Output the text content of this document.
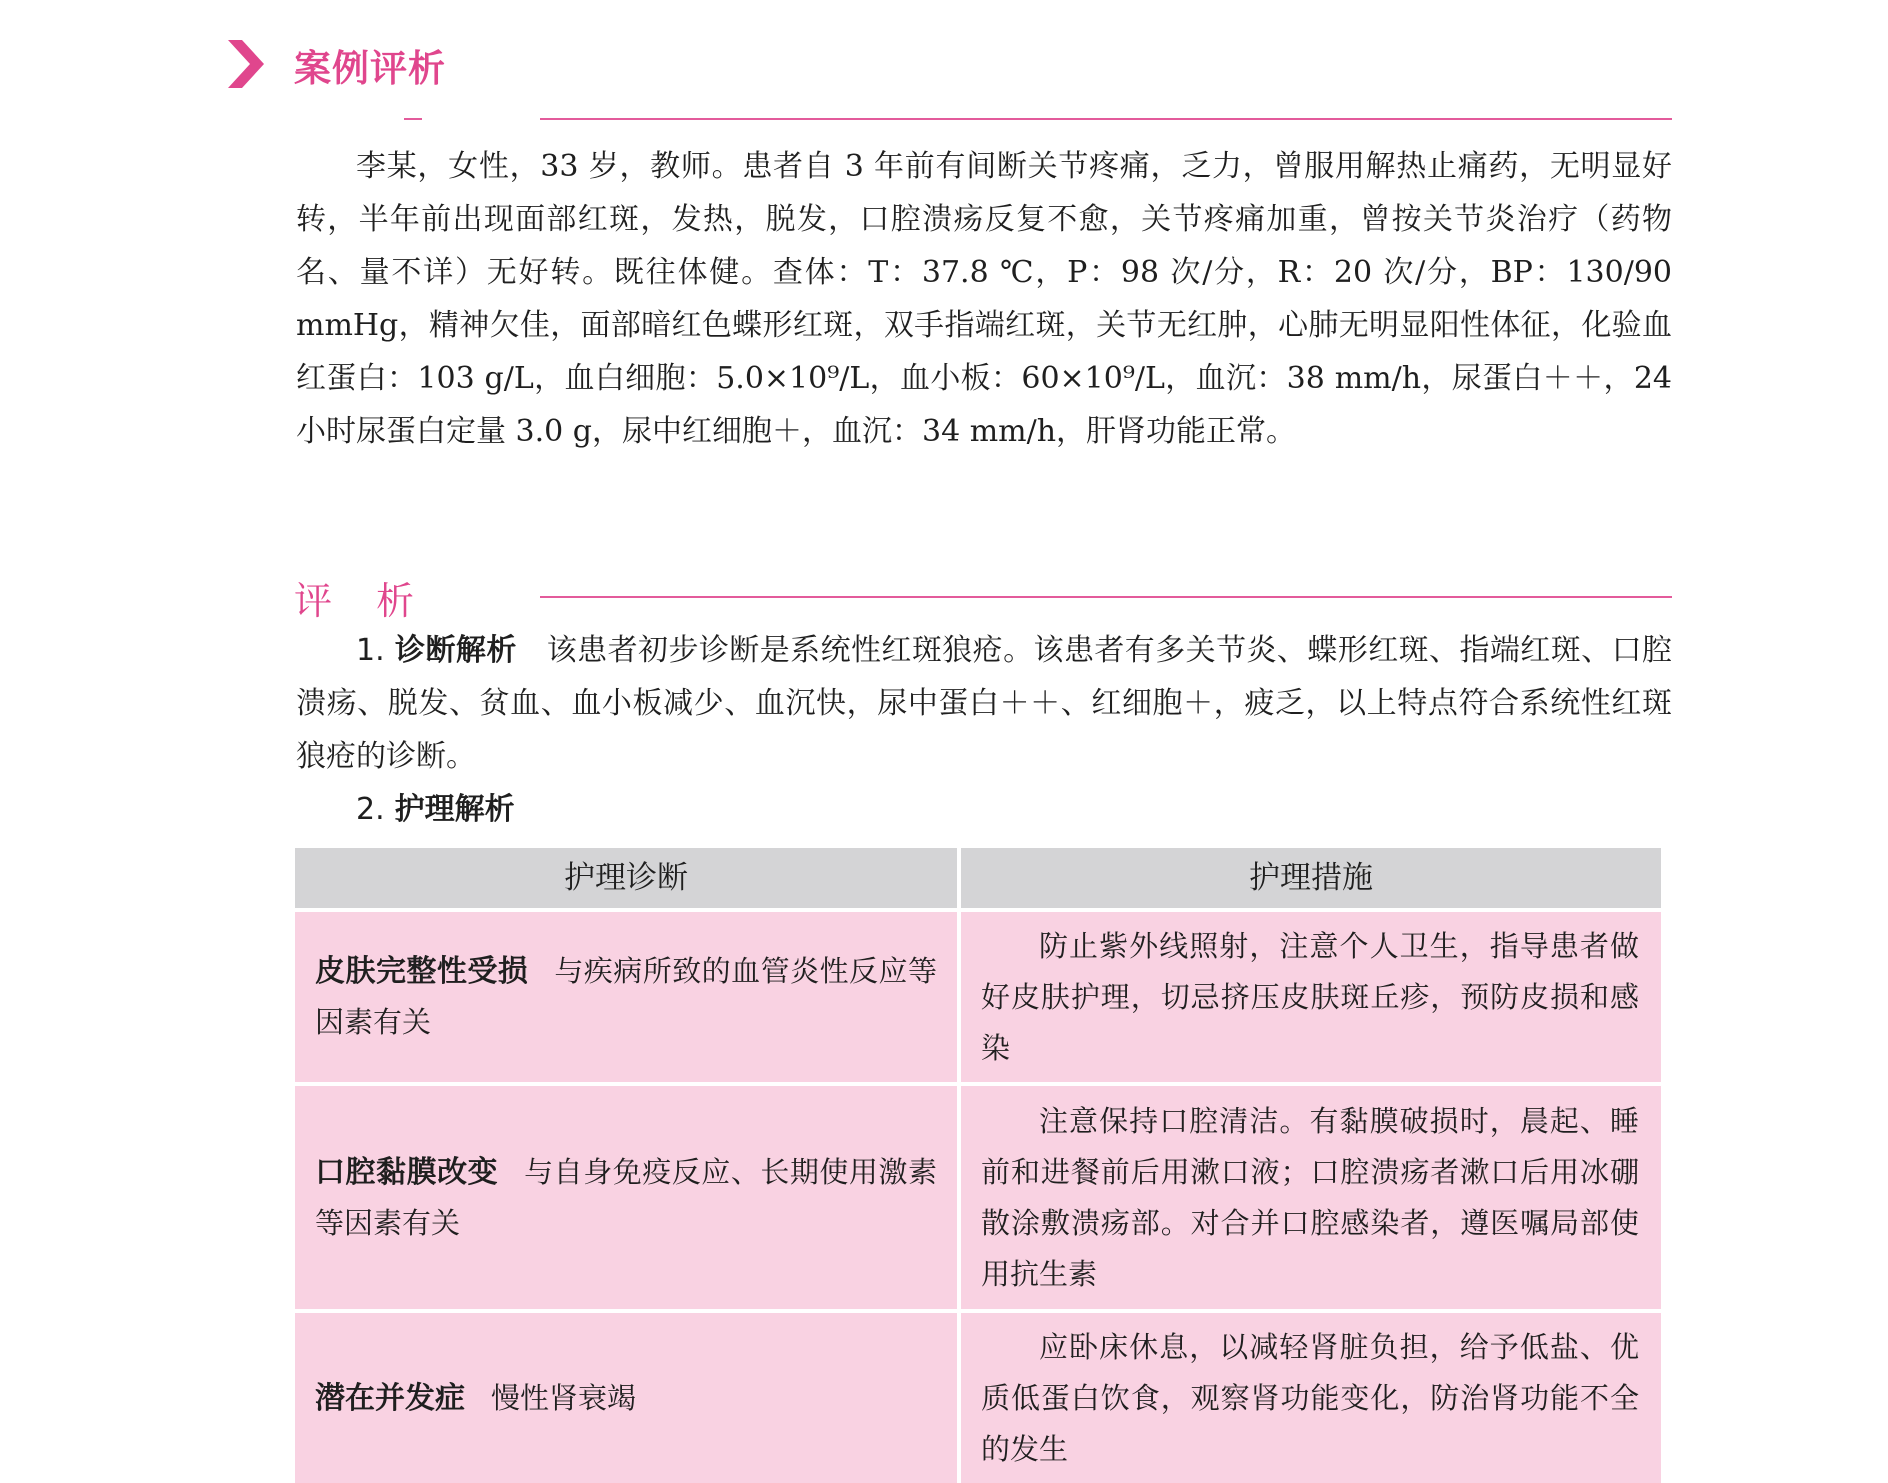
案例评析

李某，女性，33 岁，教师。患者自 3 年前有间断关节疼痛，乏力，曾服用解热止痛药，无明显好转，半年前出现面部红斑，发热，脱发，口腔溃疡反复不愈，关节疼痛加重，曾按关节炎治疗（药物名、量不详）无好转。既往体健。查体：T：37.8 ℃，P：98 次/分，R：20 次/分，BP：130/90 mmHg，精神欠佳，面部暗红色蝶形红斑，双手指端红斑，关节无红肿，心肺无明显阳性体征，化验血红蛋白：103 g/L，血白细胞：5.0×10⁹/L，血小板：60×10⁹/L，血沉：38 mm/h，尿蛋白＋＋，24 小时尿蛋白定量 3.0 g，尿中红细胞＋，血沉：34 mm/h，肝肾功能正常。

评析

1. 诊断解析 该患者初步诊断是系统性红斑狼疮。该患者有多关节炎、蝶形红斑、指端红斑、口腔溃疡、脱发、贫血、血小板减少、血沉快，尿中蛋白＋＋、红细胞＋，疲乏，以上特点符合系统性红斑狼疮的诊断。

2. 护理解析

护理诊断	护理措施
皮肤完整性受损 与疾病所致的血管炎性反应等因素有关	防止紫外线照射，注意个人卫生，指导患者做好皮肤护理，切忌挤压皮肤斑丘疹，预防皮损和感染

口腔黏膜改变 与自身免疫反应、长期使用激素等因素有关	注意保持口腔清洁。有黏膜破损时，晨起、睡前和进餐前后用漱口液；口腔溃疡者漱口后用冰硼散涂敷溃疡部。对合并口腔感染者，遵医嘱局部使用抗生素

潜在并发症 慢性肾衰竭	应卧床休息，以减轻肾脏负担，给予低盐、优质低蛋白饮食，观察肾功能变化，防治肾功能不全的发生
